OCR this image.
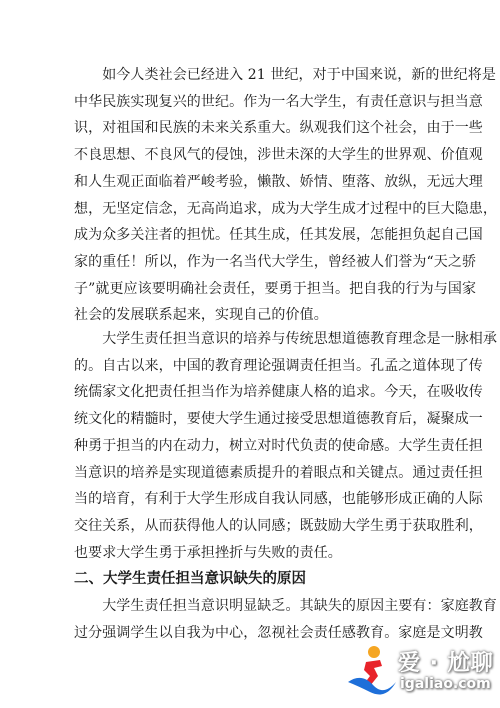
　　如今人类社会已经进入 21 世纪，对于中国来说，新的世纪将是
中华民族实现复兴的世纪。作为一名大学生，有责任意识与担当意
识，对祖国和民族的未来关系重大。纵观我们这个社会，由于一些
不良思想、不良风气的侵蚀，涉世未深的大学生的世界观、价值观
和人生观正面临着严峻考验，懒散、娇情、堕落、放纵，无远大理
想，无坚定信念，无高尚追求，成为大学生成才过程中的巨大隐患，
成为众多关注者的担忧。任其生成，任其发展，怎能担负起自己国
家的重任！所以，作为一名当代大学生，曾经被人们誉为“天之骄
子”就更应该要明确社会责任，要勇于担当。把自我的行为与国家
社会的发展联系起来，实现自己的价值。

　　大学生责任担当意识的培养与传统思想道德教育理念是一脉相承
的。自古以来，中国的教育理论强调责任担当。孔孟之道体现了传
统儒家文化把责任担当作为培养健康人格的追求。今天，在吸收传
统文化的精髓时，要使大学生通过接受思想道德教育后，凝聚成一
种勇于担当的内在动力，树立对时代负责的使命感。大学生责任担
当意识的培养是实现道德素质提升的着眼点和关键点。通过责任担
当的培育，有利于大学生形成自我认同感，也能够形成正确的人际
交往关系，从而获得他人的认同感；既鼓励大学生勇于获取胜利，
也要求大学生勇于承担挫折与失败的责任。

二、大学生责任担当意识缺失的原因

　　大学生责任担当意识明显缺乏。其缺失的原因主要有：家庭教育
过分强调学生以自我为中心，忽视社会责任感教育。家庭是文明教

爱 · 尬聊
igaliao.com
